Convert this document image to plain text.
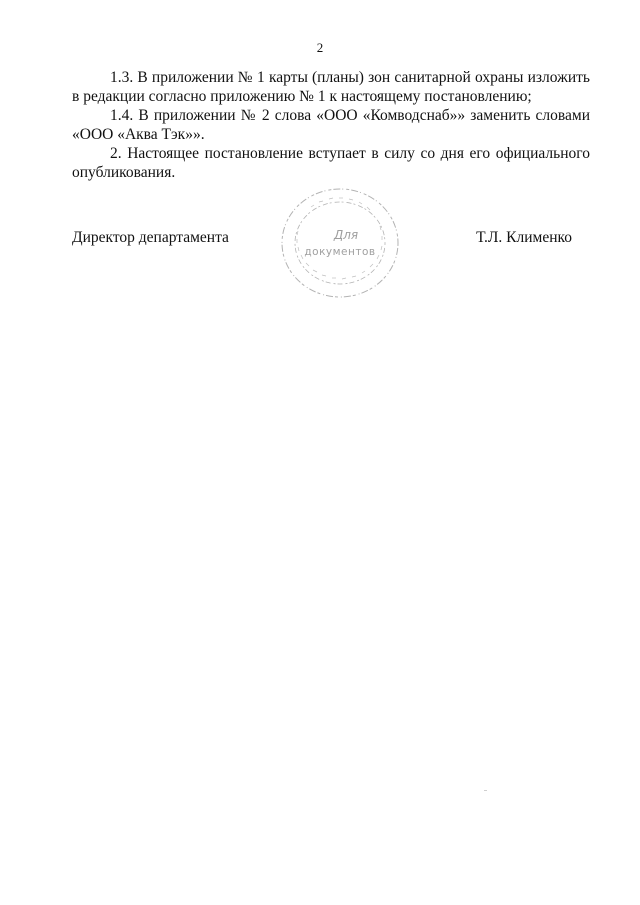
2

1.3. В приложении № 1 карты (планы) зон санитарной охраны изложить в редакции согласно приложению № 1 к настоящему постановлению;

1.4. В приложении № 2 слова «ООО «Комводснаб»» заменить словами «ООО «Аква Тэк»».

2. Настоящее постановление вступает в силу со дня его официального опубликования.

Директор департамента	Т.Л. Клименко
Для
документов
